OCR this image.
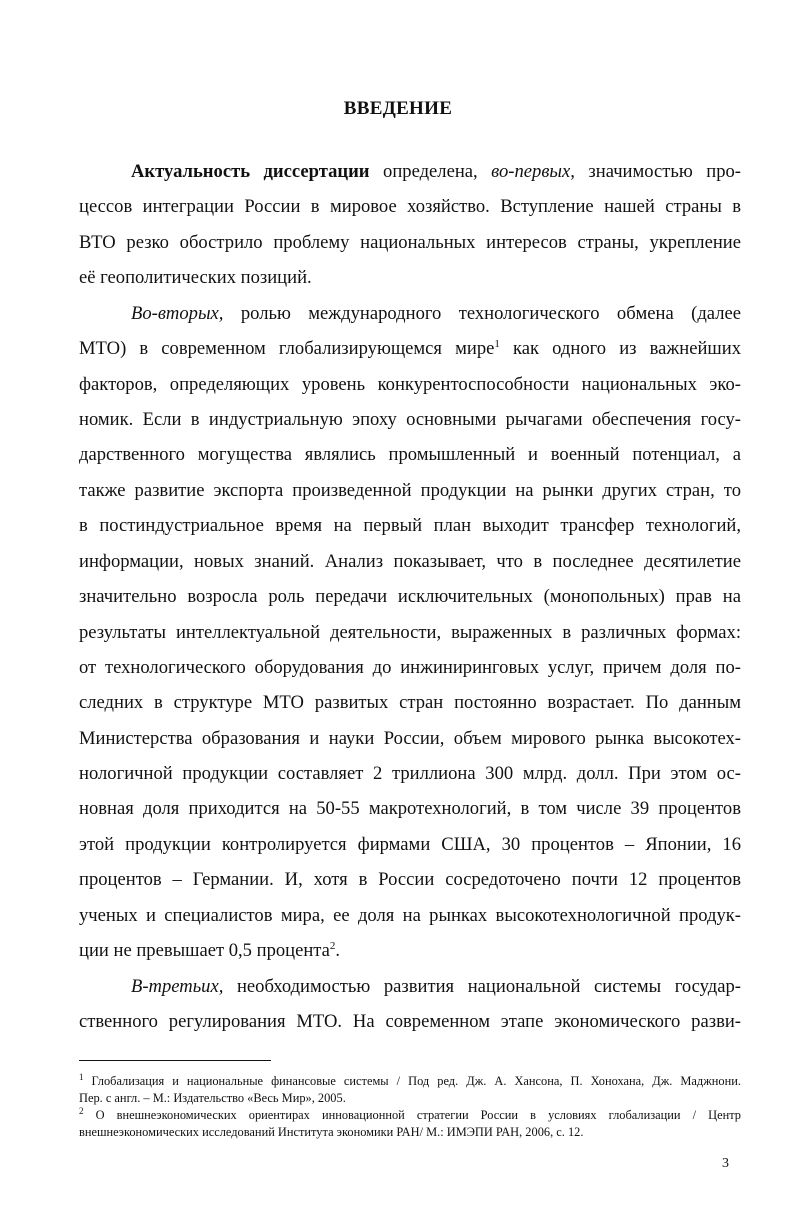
ВВЕДЕНИЕ
Актуальность диссертации определена, во-первых, значимостью про-
цессов интеграции России в мировое хозяйство. Вступление нашей страны в
ВТО резко обострило проблему национальных интересов страны, укрепление
её геополитических позиций.
Во-вторых, ролью международного технологического обмена (далее
МТО) в современном глобализирующемся мире$^1$ как одного из важнейших
факторов, определяющих уровень конкурентоспособности национальных эко-
номик. Если в индустриальную эпоху основными рычагами обеспечения госу-
дарственного могущества являлись промышленный и военный потенциал, а
также развитие экспорта произведенной продукции на рынки других стран, то
в постиндустриальное время на первый план выходит трансфер технологий,
информации, новых знаний. Анализ показывает, что в последнее десятилетие
значительно возросла роль передачи исключительных (монопольных) прав на
результаты интеллектуальной деятельности, выраженных в различных формах:
от технологического оборудования до инжиниринговых услуг, причем доля по-
следних в структуре МТО развитых стран постоянно возрастает. По данным
Министерства образования и науки России, объем мирового рынка высокотех-
нологичной продукции составляет 2 триллиона 300 млрд. долл. При этом ос-
новная доля приходится на 50-55 макротехнологий, в том числе 39 процентов
этой продукции контролируется фирмами США, 30 процентов – Японии, 16
процентов – Германии. И, хотя в России сосредоточено почти 12 процентов
ученых и специалистов мира, ее доля на рынках высокотехнологичной продук-
ции не превышает 0,5 процента$^2$.
В-третьих, необходимостью развития национальной системы государ-
ственного регулирования МТО. На современном этапе экономического разви-
$^1$ Глобализация и национальные финансовые системы / Под ред. Дж. А. Хансона, П. Хонохана, Дж. Маджнони.
Пер. с англ. – М.: Издательство «Весь Мир», 2005.
$^2$ О внешнеэкономических ориентирах инновационной стратегии России в условиях глобализации / Центр
внешнеэкономических исследований Института экономики РАН/ М.: ИМЭПИ РАН, 2006, с. 12.
3
